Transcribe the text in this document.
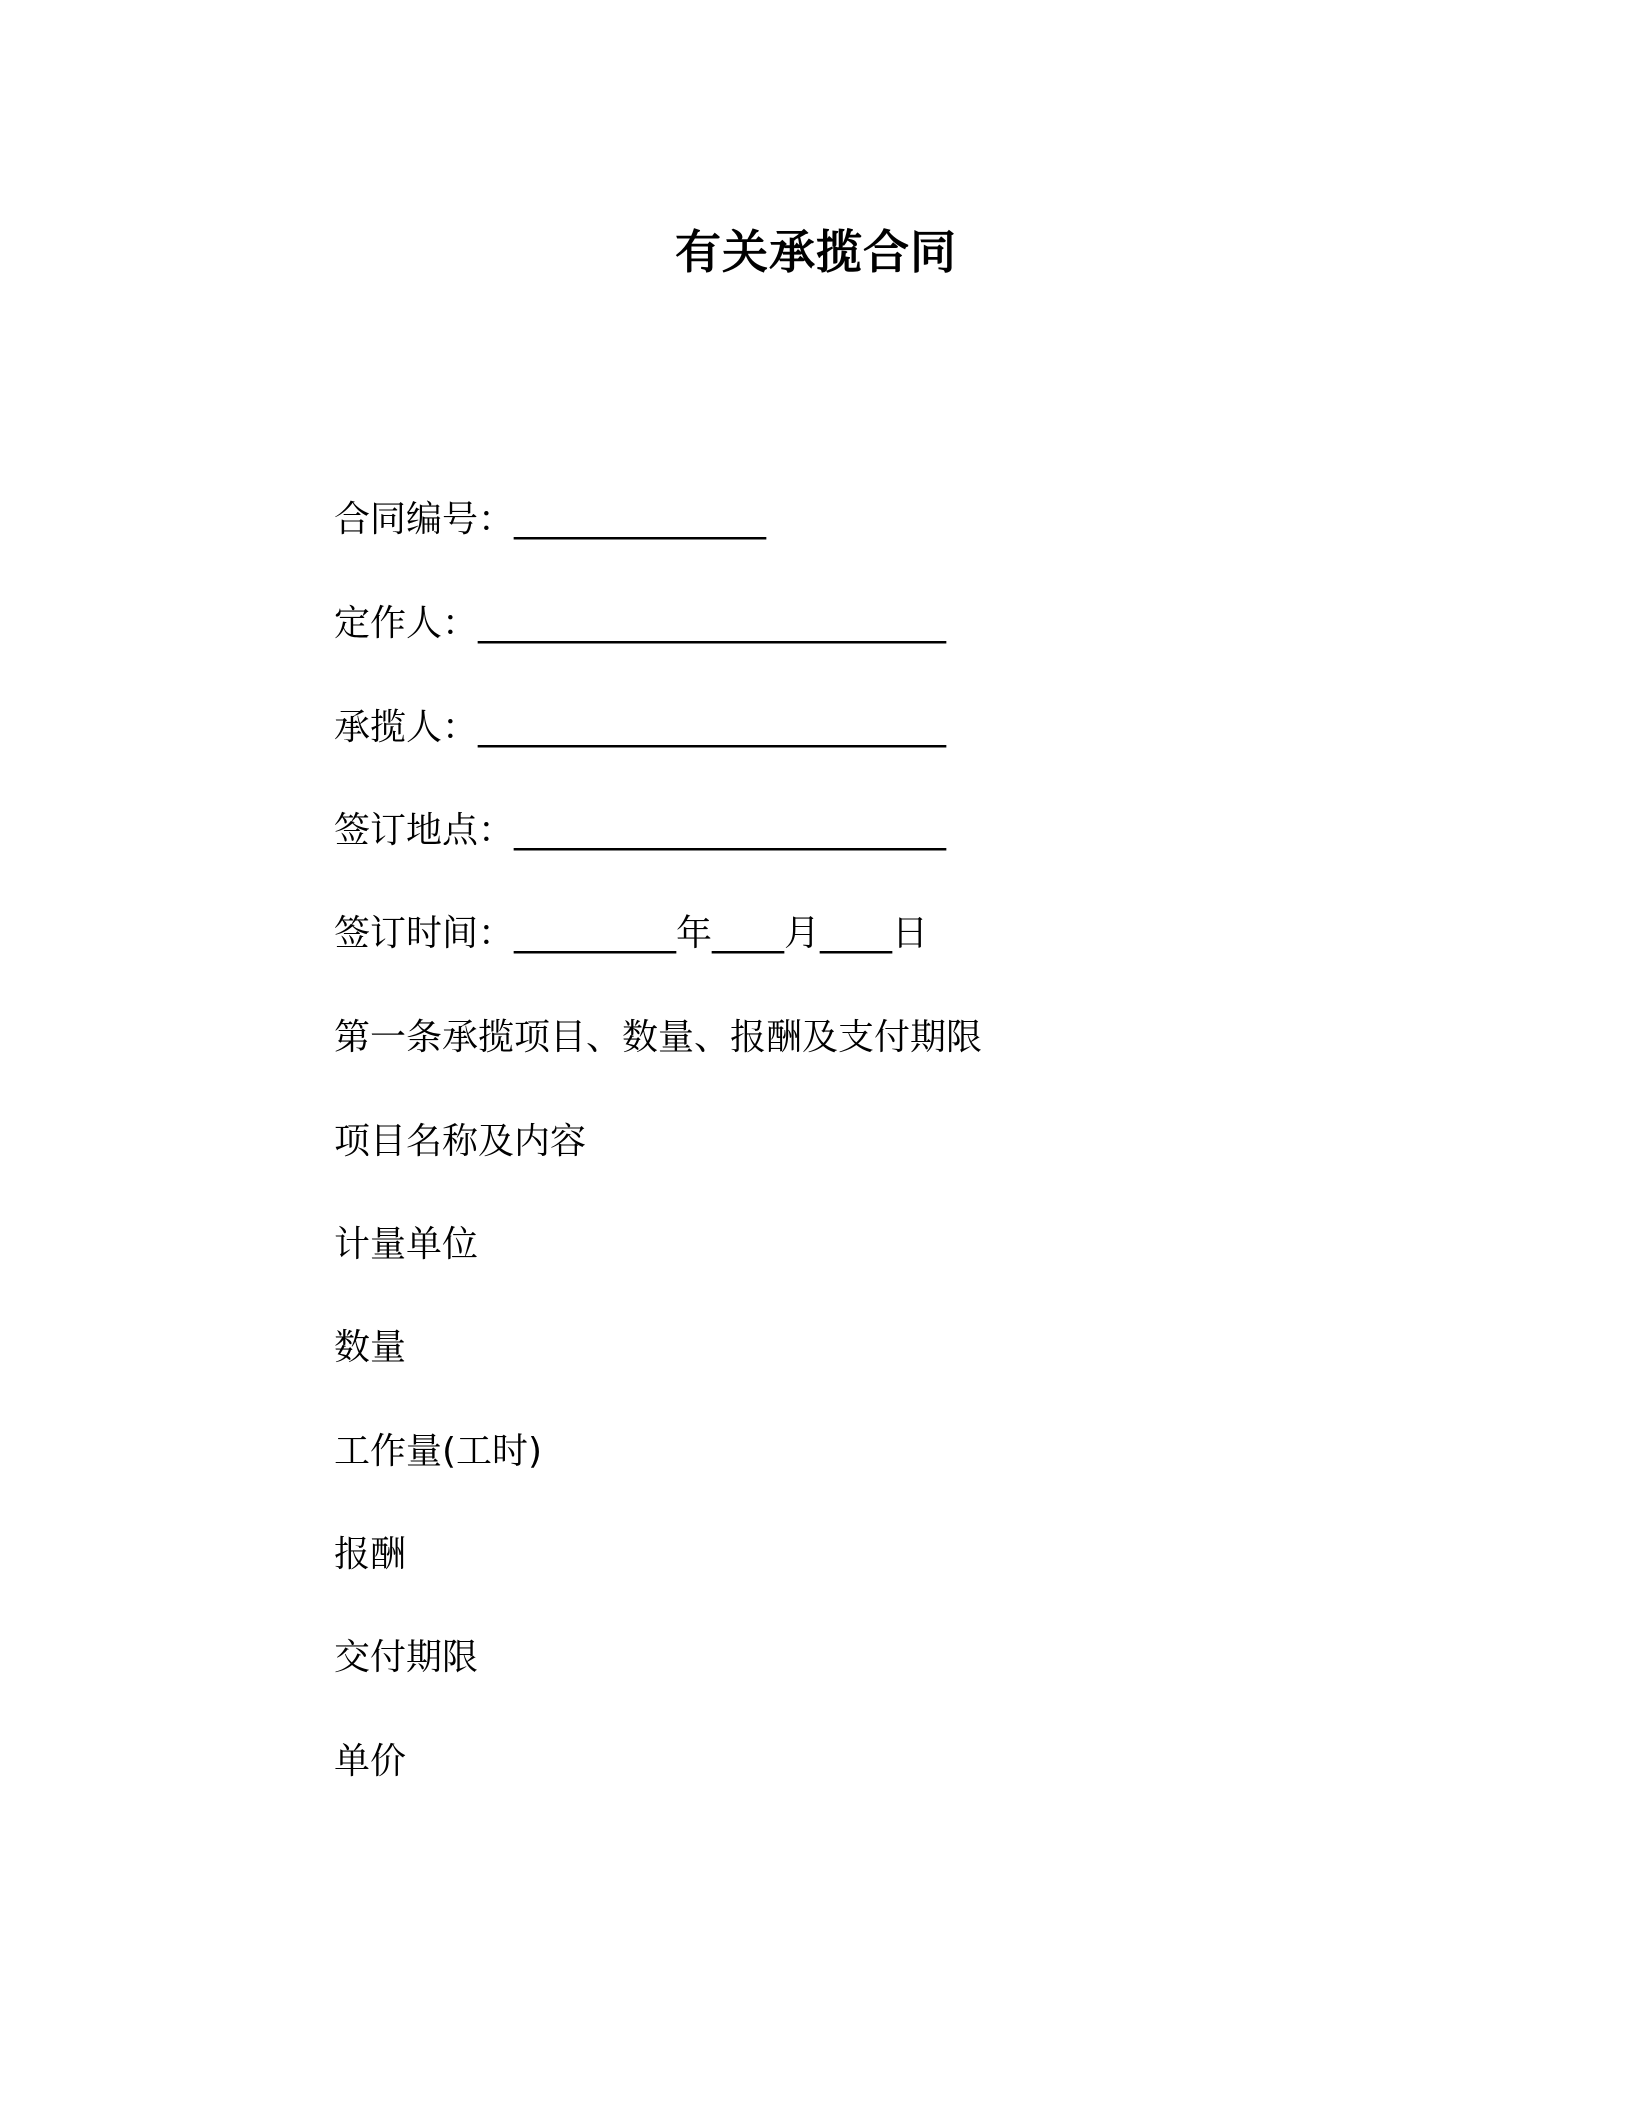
有关承揽合同
合同编号：______________
定作人：__________________________
承揽人：__________________________
签订地点：________________________
签订时间：_________年____月____日
第一条承揽项目、数量、报酬及支付期限
项目名称及内容
计量单位
数量
工作量(工时)
报酬
交付期限
单价
